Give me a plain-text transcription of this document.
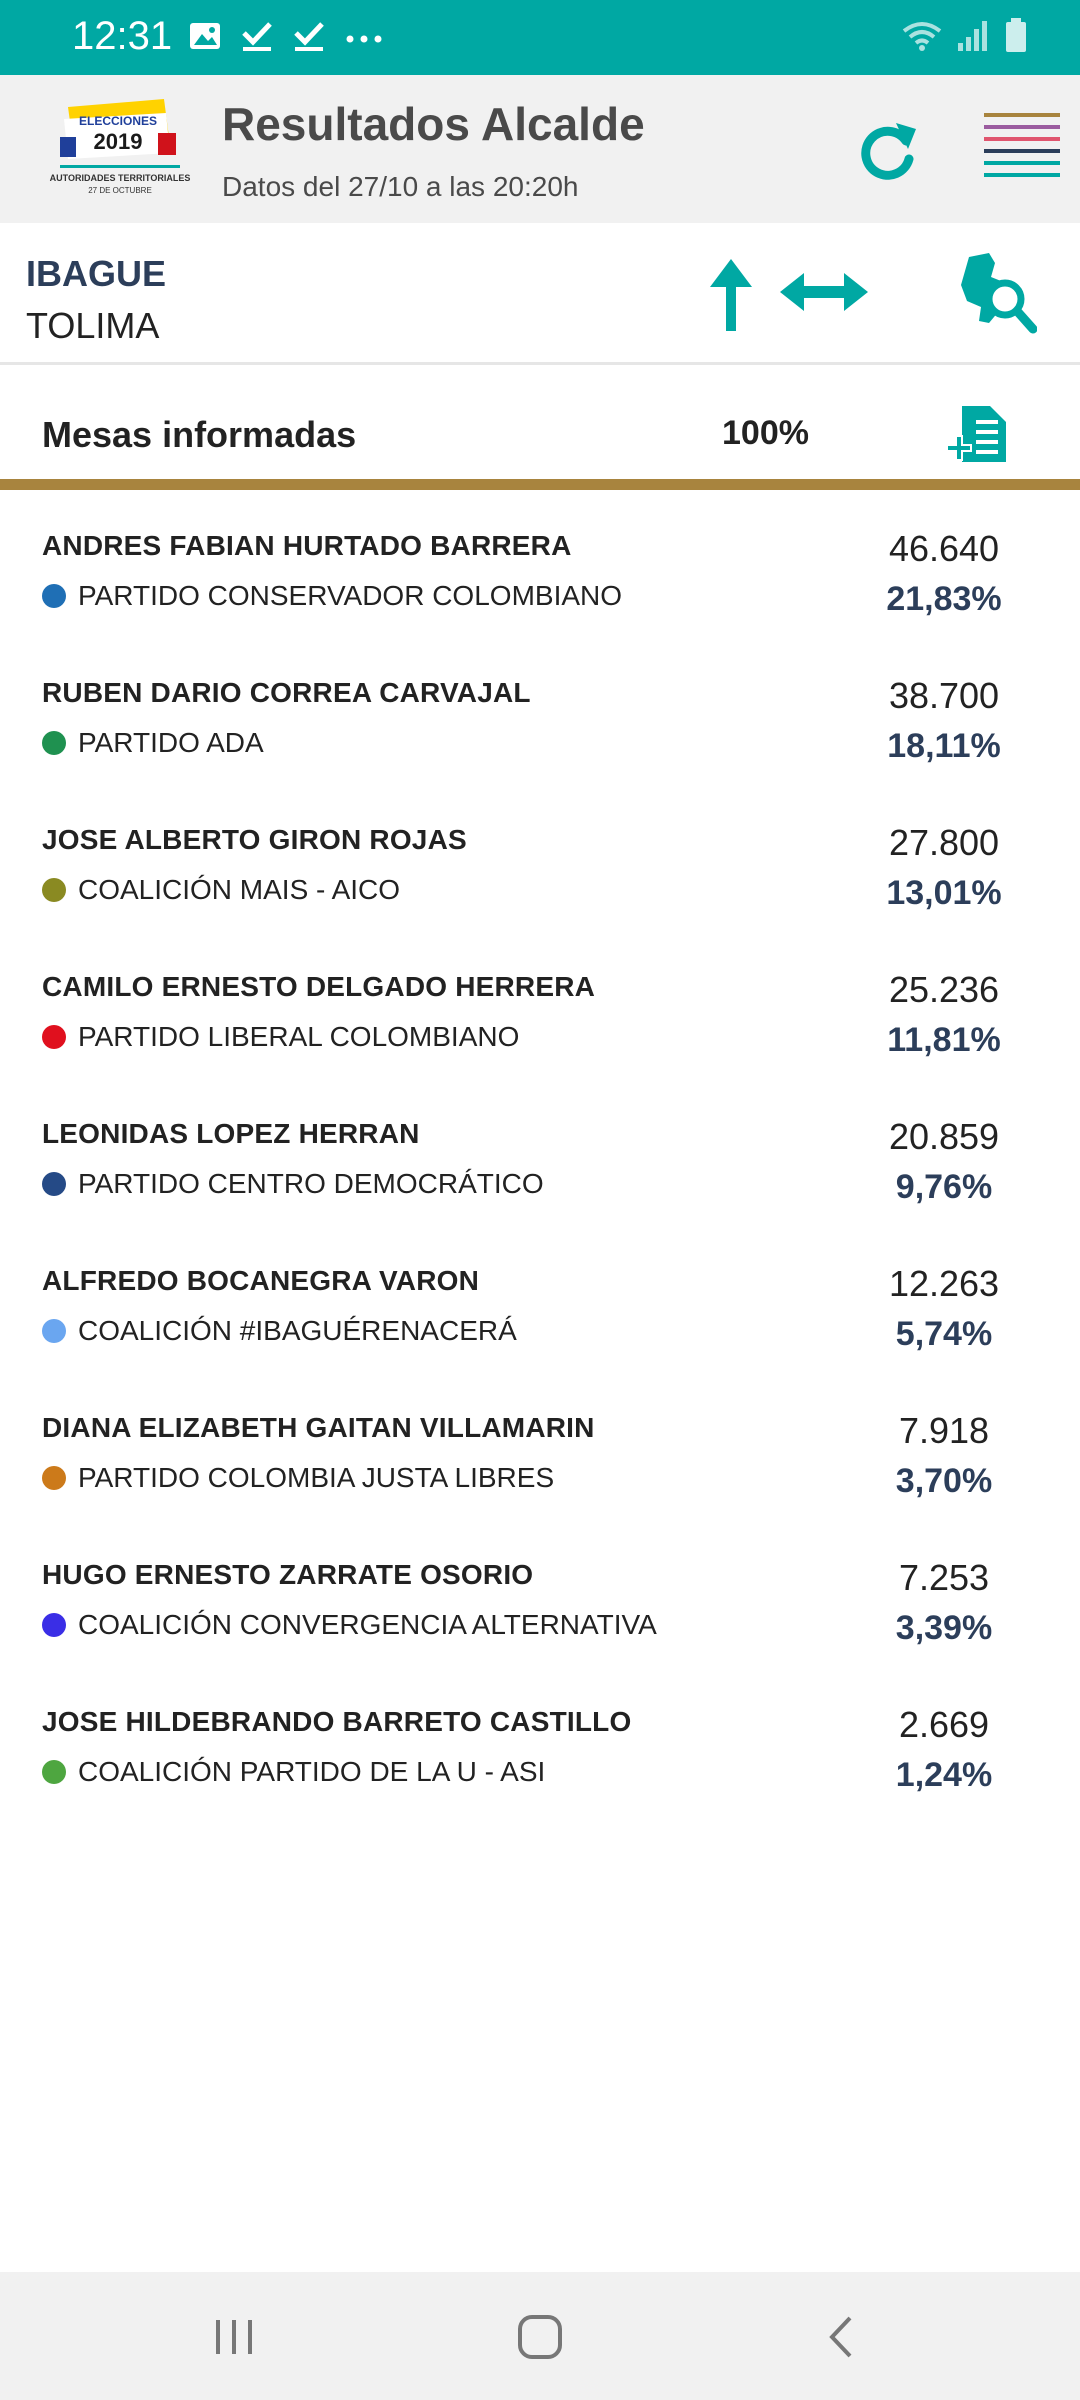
12:31
ELECCIONES
2019
AUTORIDADES TERRITORIALES
27 DE OCTUBRE
Resultados Alcalde
Datos del 27/10 a las 20:20h
IBAGUE
TOLIMA
Mesas informadas	100%
ANDRES FABIAN HURTADO BARRERA
PARTIDO CONSERVADOR COLOMBIANO
46.640
21,83%
RUBEN DARIO CORREA CARVAJAL
PARTIDO ADA
38.700
18,11%
JOSE ALBERTO GIRON ROJAS
COALICIÓN MAIS - AICO
27.800
13,01%
CAMILO ERNESTO DELGADO HERRERA
PARTIDO LIBERAL COLOMBIANO
25.236
11,81%
LEONIDAS LOPEZ HERRAN
PARTIDO CENTRO DEMOCRÁTICO
20.859
9,76%
ALFREDO BOCANEGRA VARON
COALICIÓN #IBAGUÉRENACERÁ
12.263
5,74%
DIANA ELIZABETH GAITAN VILLAMARIN
PARTIDO COLOMBIA JUSTA LIBRES
7.918
3,70%
HUGO ERNESTO ZARRATE OSORIO
COALICIÓN CONVERGENCIA ALTERNATIVA
7.253
3,39%
JOSE HILDEBRANDO BARRETO CASTILLO
COALICIÓN PARTIDO DE LA U - ASI
2.669
1,24%
